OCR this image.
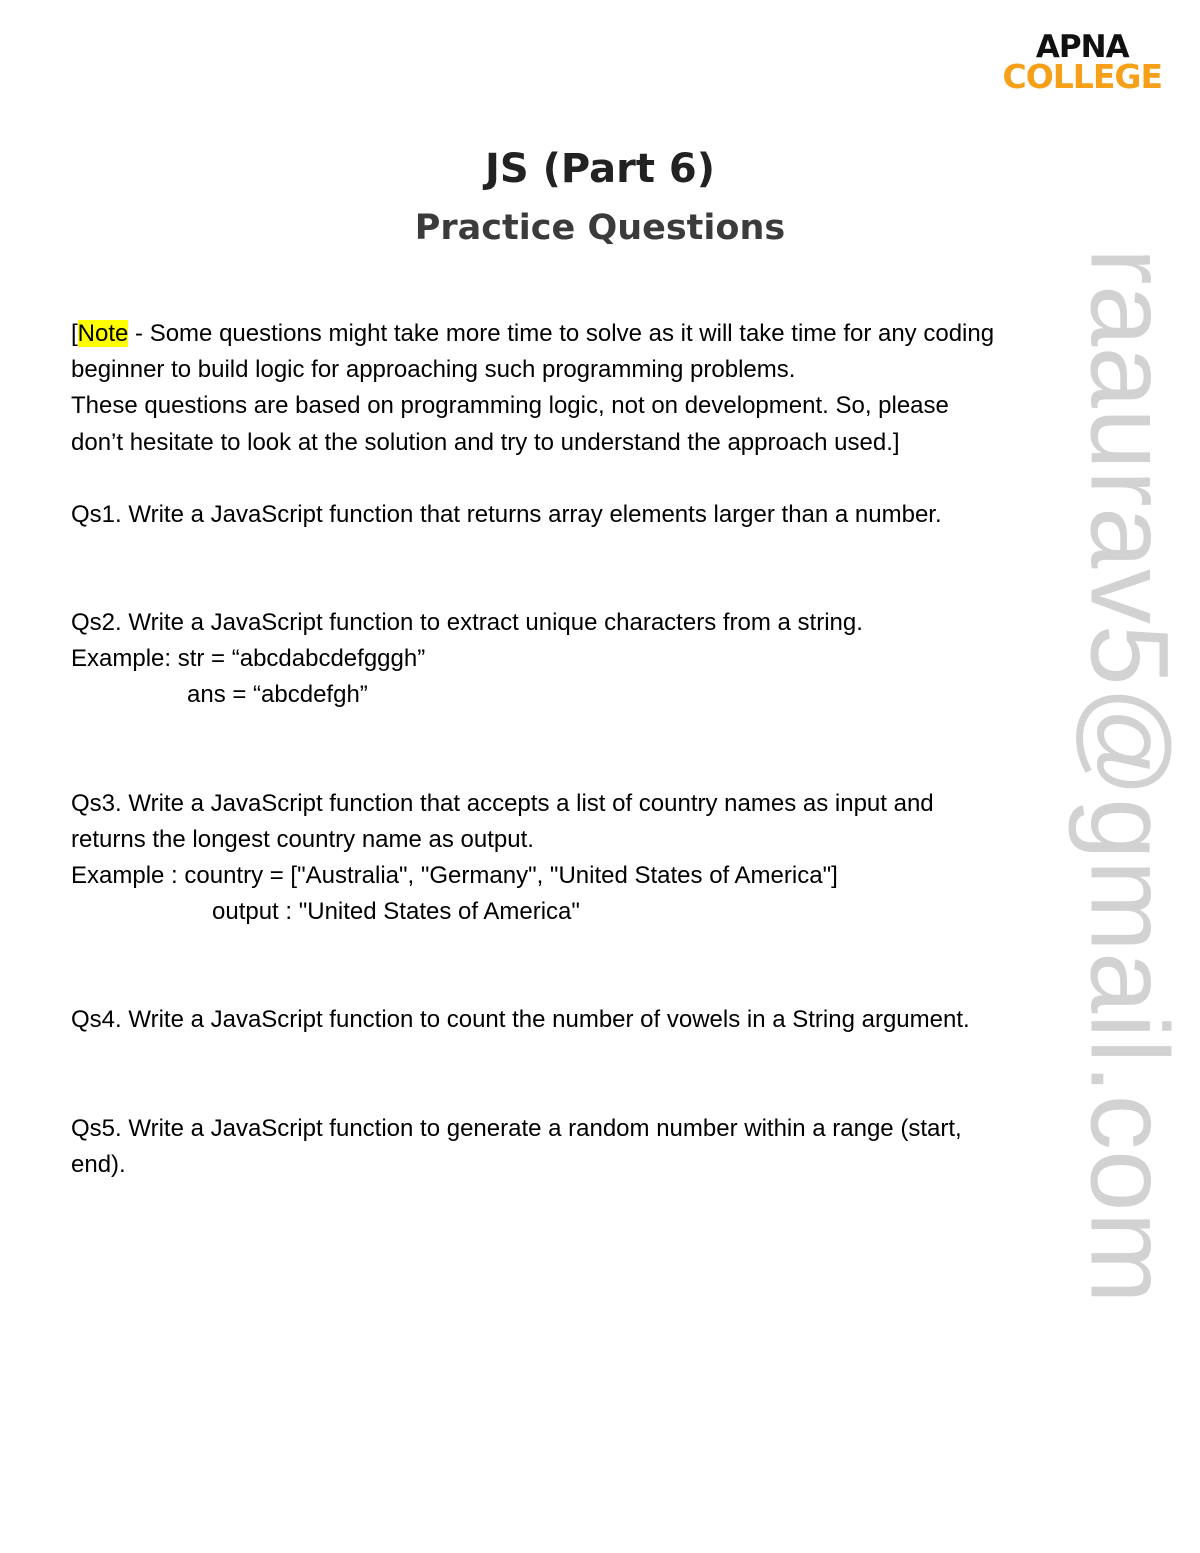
APNA
COLLEGE
JS (Part 6)
Practice Questions

[Note - Some questions might take more time to solve as it will take time for any coding

beginner to build logic for approaching such programming problems.

These questions are based on programming logic, not on development. So, please

don’t hesitate to look at the solution and try to understand the approach used.]

Qs1. Write a JavaScript function that returns array elements larger than a number.

Qs2. Write a JavaScript function to extract unique characters from a string.

Example: str = “abcdabcdefgggh”

ans = “abcdefgh”

Qs3. Write a JavaScript function that accepts a list of country names as input and

returns the longest country name as output.

Example : country = ["Australia", "Germany", "United States of America"]

output : "United States of America"

Qs4. Write a JavaScript function to count the number of vowels in a String argument.

Qs5. Write a JavaScript function to generate a random number within a range (start,

end).	raaurav5@gmail.com
